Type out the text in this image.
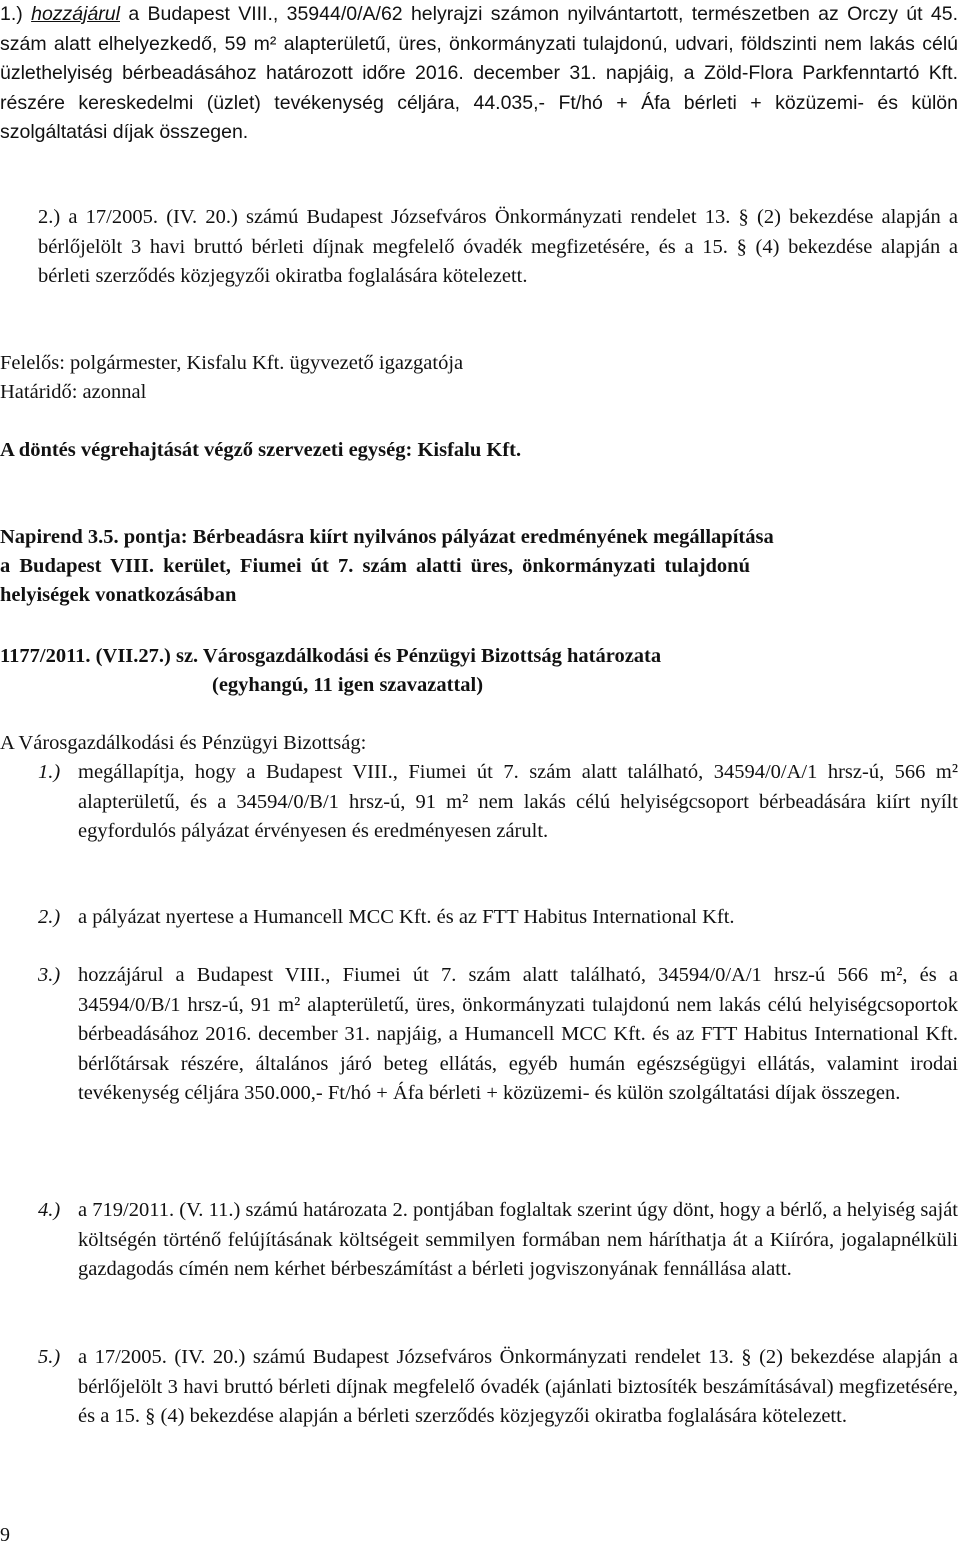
1.) hozzájárul a Budapest VIII., 35944/0/A/62 helyrajzi számon nyilvántartott, természetben az Orczy út 45. szám alatt elhelyezkedő, 59 m² alapterületű, üres, önkormányzati tulajdonú, udvari, földszinti nem lakás célú üzlethelyiség bérbeadásához határozott időre 2016. december 31. napjáig, a Zöld-Flora Parkfenntartó Kft. részére kereskedelmi (üzlet) tevékenység céljára, 44.035,- Ft/hó + Áfa bérleti + közüzemi- és külön szolgáltatási díjak összegen.
2.) a 17/2005. (IV. 20.) számú Budapest Józsefváros Önkormányzati rendelet 13. § (2) bekezdése alapján a bérlőjelölt 3 havi bruttó bérleti díjnak megfelelő óvadék megfizetésére, és a 15. § (4) bekezdése alapján a bérleti szerződés közjegyzői okiratba foglalására kötelezett.
Felelős: polgármester, Kisfalu Kft. ügyvezető igazgatója
Határidő: azonnal
A döntés végrehajtását végző szervezeti egység: Kisfalu Kft.
Napirend 3.5. pontja: Bérbeadásra kiírt nyilvános pályázat eredményének megállapítása
a Budapest VIII. kerület, Fiumei út 7. szám alatti üres, önkormányzati tulajdonú
helyiségek vonatkozásában
1177/2011. (VII.27.) sz. Városgazdálkodási és Pénzügyi Bizottság határozata
(egyhangú, 11 igen szavazattal)
A Városgazdálkodási és Pénzügyi Bizottság:
1.) megállapítja, hogy a Budapest VIII., Fiumei út 7. szám alatt található, 34594/0/A/1 hrsz-ú, 566 m² alapterületű, és a 34594/0/B/1 hrsz-ú, 91 m² nem lakás célú helyiségcsoport bérbeadására kiírt nyílt egyfordulós pályázat érvényesen és eredményesen zárult.
2.) a pályázat nyertese a Humancell MCC Kft. és az FTT Habitus International Kft.
3.) hozzájárul a Budapest VIII., Fiumei út 7. szám alatt található, 34594/0/A/1 hrsz-ú 566 m², és a 34594/0/B/1 hrsz-ú, 91 m² alapterületű, üres, önkormányzati tulajdonú nem lakás célú helyiségcsoportok bérbeadásához 2016. december 31. napjáig, a Humancell MCC Kft. és az FTT Habitus International Kft. bérlőtársak részére, általános járó beteg ellátás, egyéb humán egészségügyi ellátás, valamint irodai tevékenység céljára 350.000,- Ft/hó + Áfa bérleti + közüzemi- és külön szolgáltatási díjak összegen.
4.) a 719/2011. (V. 11.) számú határozata 2. pontjában foglaltak szerint úgy dönt, hogy a bérlő, a helyiség saját költségén történő felújításának költségeit semmilyen formában nem háríthatja át a Kiíróra, jogalapnélküli gazdagodás címén nem kérhet bérbeszámítást a bérleti jogviszonyának fennállása alatt.
5.) a 17/2005. (IV. 20.) számú Budapest Józsefváros Önkormányzati rendelet 13. § (2) bekezdése alapján a bérlőjelölt 3 havi bruttó bérleti díjnak megfelelő óvadék (ajánlati biztosíték beszámításával) megfizetésére, és a 15. § (4) bekezdése alapján a bérleti szerződés közjegyzői okiratba foglalására kötelezett.
9
